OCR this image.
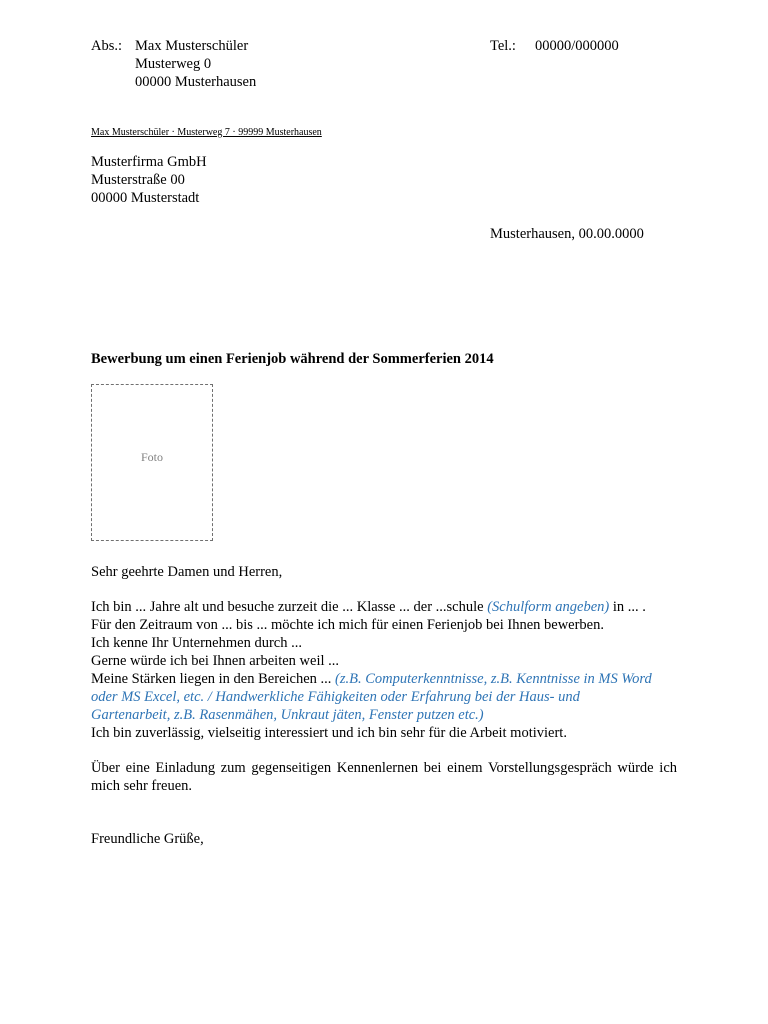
Abs.: Max Musterschüler
Musterweg 0
00000 Musterhausen
Tel.: 00000/000000
Max Musterschüler · Musterweg 7 · 99999 Musterhausen
Musterfirma GmbH
Musterstraße 00
00000 Musterstadt
Musterhausen, 00.00.0000
Bewerbung um einen Ferienjob während der Sommerferien 2014
Foto
Sehr geehrte Damen und Herren,
Ich bin ... Jahre alt und besuche zurzeit die ... Klasse ... der ...schule (Schulform angeben) in ... .
Für den Zeitraum von ... bis ... möchte ich mich für einen Ferienjob bei Ihnen bewerben.
Ich kenne Ihr Unternehmen durch ...
Gerne würde ich bei Ihnen arbeiten weil ...
Meine Stärken liegen in den Bereichen ... (z.B. Computerkenntnisse, z.B. Kenntnisse in MS Word
oder MS Excel, etc. / Handwerkliche Fähigkeiten oder Erfahrung bei der Haus- und
Gartenarbeit, z.B. Rasenmähen, Unkraut jäten, Fenster putzen etc.)
Ich bin zuverlässig, vielseitig interessiert und ich bin sehr für die Arbeit motiviert.
Über eine Einladung zum gegenseitigen Kennenlernen bei einem Vorstellungsgespräch würde ich mich sehr freuen.
Freundliche Grüße,
